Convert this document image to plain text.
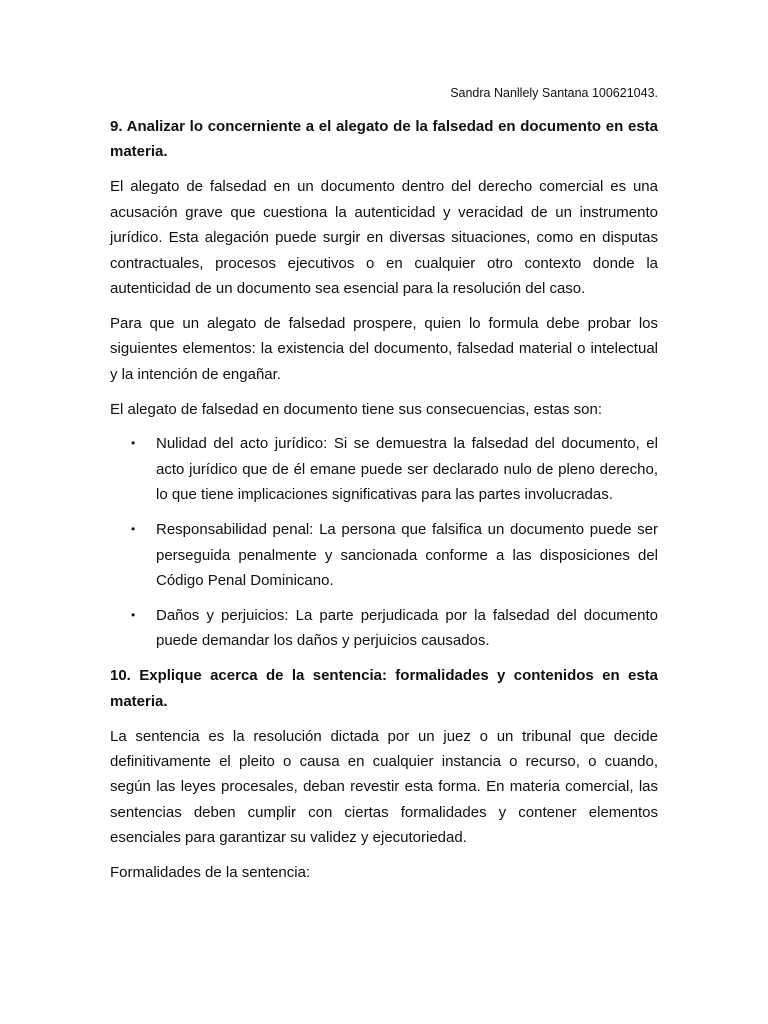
Sandra Nanllely Santana 100621043.
9. Analizar lo concerniente a el alegato de la falsedad en documento en esta materia.

El alegato de falsedad en un documento dentro del derecho comercial es una acusación grave que cuestiona la autenticidad y veracidad de un instrumento jurídico. Esta alegación puede surgir en diversas situaciones, como en disputas contractuales, procesos ejecutivos o en cualquier otro contexto donde la autenticidad de un documento sea esencial para la resolución del caso.

Para que un alegato de falsedad prospere, quien lo formula debe probar los siguientes elementos: la existencia del documento, falsedad material o intelectual y la intención de engañar.

El alegato de falsedad en documento tiene sus consecuencias, estas son:

• Nulidad del acto jurídico: Si se demuestra la falsedad del documento, el acto jurídico que de él emane puede ser declarado nulo de pleno derecho, lo que tiene implicaciones significativas para las partes involucradas.
• Responsabilidad penal: La persona que falsifica un documento puede ser perseguida penalmente y sancionada conforme a las disposiciones del Código Penal Dominicano.
• Daños y perjuicios: La parte perjudicada por la falsedad del documento puede demandar los daños y perjuicios causados.
10. Explique acerca de la sentencia: formalidades y contenidos en esta materia.

La sentencia es la resolución dictada por un juez o un tribunal que decide definitivamente el pleito o causa en cualquier instancia o recurso, o cuando, según las leyes procesales, deban revestir esta forma. En materia comercial, las sentencias deben cumplir con ciertas formalidades y contener elementos esenciales para garantizar su validez y ejecutoriedad.

Formalidades de la sentencia:
